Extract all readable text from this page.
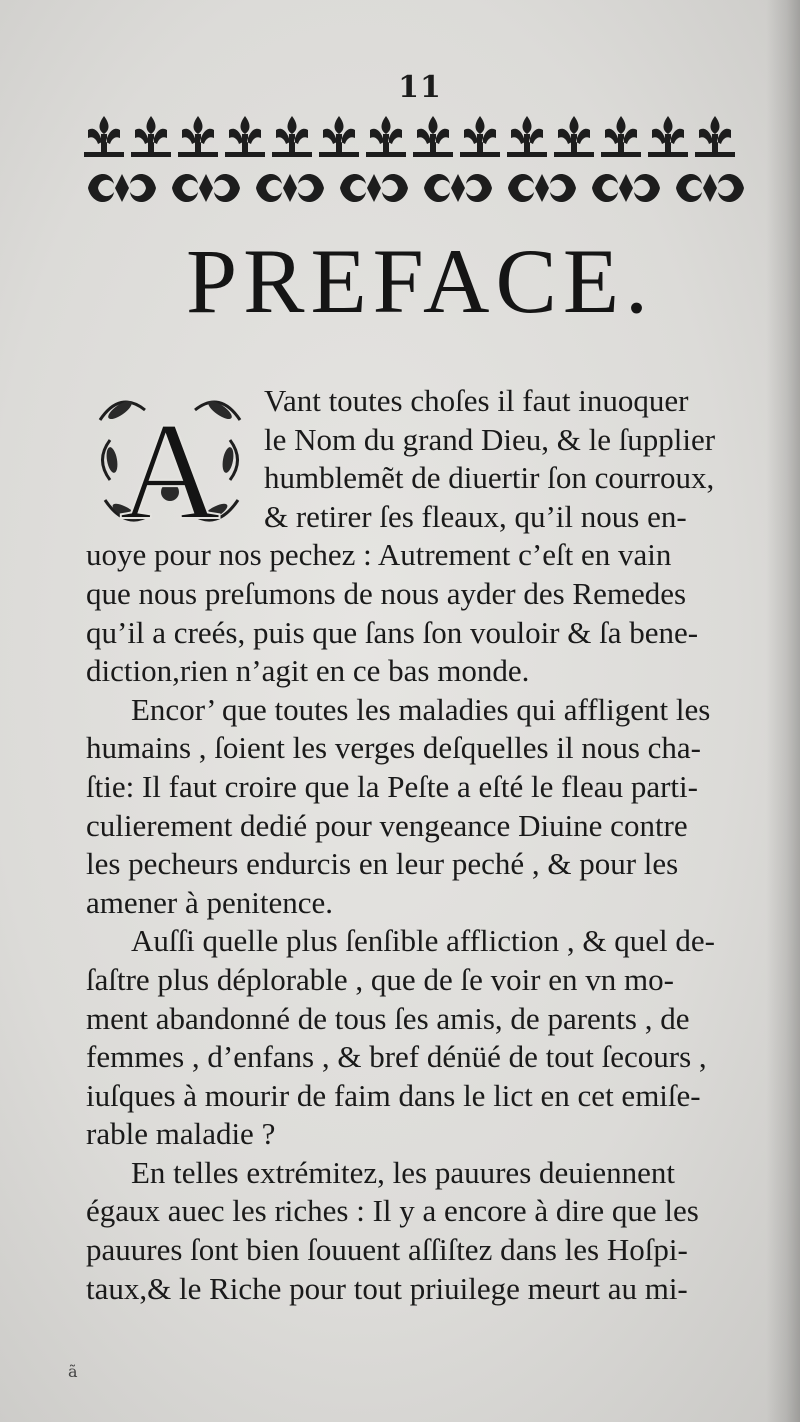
11
PREFACE.
A	Vant toutes choſes il faut inuoquer
le Nom du grand Dieu, & le ſupplier
humblemẽt de diuertir ſon courroux,
& retirer ſes fleaux, qu’il nous en-
uoye pour nos pechez : Autrement c’eſt en vain
que nous preſumons de nous ayder des Remedes
qu’il a creés, puis que ſans ſon vouloir & ſa bene-
diction,rien n’agit en ce bas monde.

Encor’ que toutes les maladies qui affligent les
humains , ſoient les verges deſquelles il nous cha-
ſtie: Il faut croire que la Peſte a eſté le fleau parti-
culierement dedié pour vengeance Diuine contre
les pecheurs endurcis en leur peché , & pour les
amener à penitence.

Auſſi quelle plus ſenſible affliction , & quel de-
ſaſtre plus déplorable , que de ſe voir en vn mo-
ment abandonné de tous ſes amis, de parents , de
femmes , d’enfans , & bref dénüé de tout ſecours ,
iuſques à mourir de faim dans le lict en cet emiſe-
rable maladie ?

En telles extrémitez, les pauures deuiennent
égaux auec les riches : Il y a encore à dire que les
pauures ſont bien ſouuent aſſiſtez dans les Hoſpi-
taux,& le Riche pour tout priuilege meurt au mi-

ã
